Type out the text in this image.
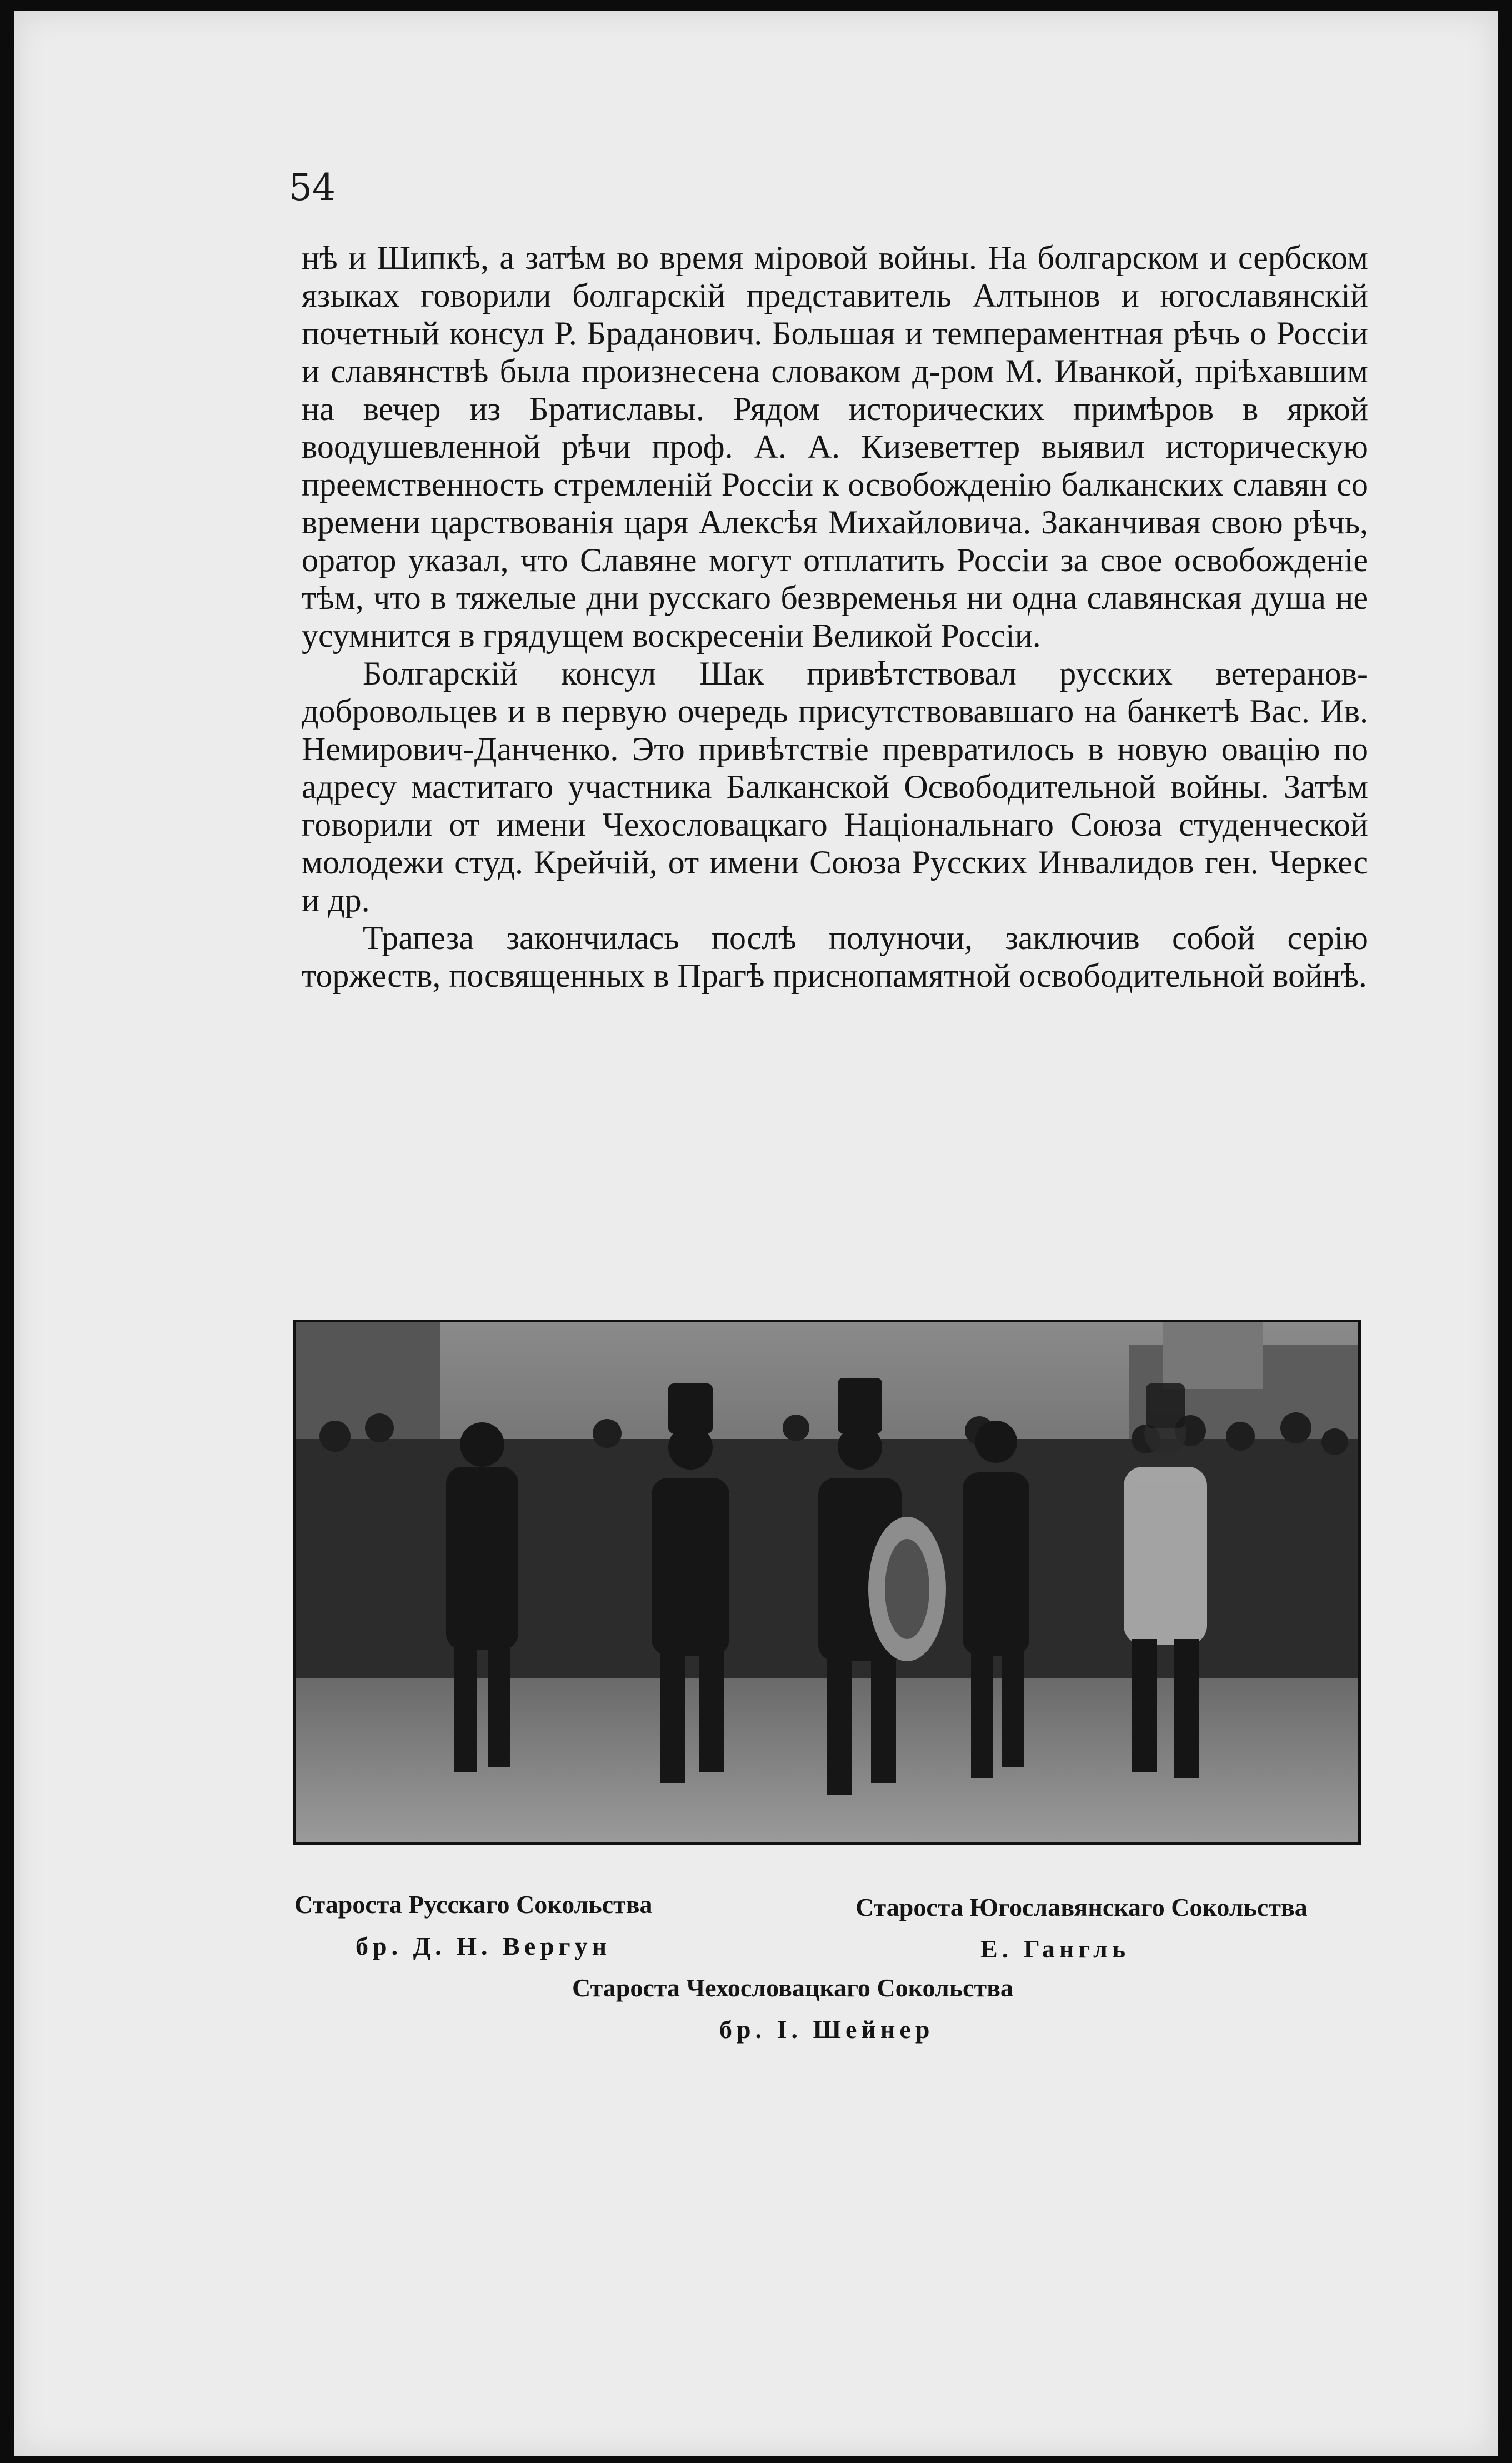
54

нѣ и Шипкѣ, а затѣм во время міровой войны. На болгарском и сербском языках говорили болгарскій представитель Алтынов и югославянскій почетный консул Р. Браданович. Большая и темпераментная рѣчь о Россіи и славянствѣ была произнесена словаком д-ром М. Иванкой, пріѣхавшим на вечер из Братиславы. Рядом исторических примѣров в яркой воодушевленной рѣчи проф. А. А. Кизеветтер выявил историческую преемственность стремленій Россіи к освобожденію балканских славян со времени царствованія царя Алексѣя Михайловича. Заканчивая свою рѣчь, оратор указал, что Славяне могут отплатить Россіи за свое освобожденіе тѣм, что в тяжелые дни русскаго безвременья ни одна славянская душа не усумнится в грядущем воскресеніи Великой Россіи.

Болгарскій консул Шак привѣтствовал русских ветеранов-добровольцев и в первую очередь присутствовавшаго на банкетѣ Вас. Ив. Немирович-Данченко. Это привѣтствіе превратилось в новую овацію по адресу маститаго участника Балканской Освободительной войны. Затѣм говорили от имени Чехословацкаго Національнаго Союза студенческой молодежи студ. Крейчій, от имени Союза Русских Инвалидов ген. Черкес и др.

Трапеза закончилась послѣ полуночи, заключив собой серію торжеств, посвященных в Прагѣ приснопамятной освободительной войнѣ.

Староста Русскаго Сокольства
бр. Д. Н. Вергун
Староста Югославянскаго Сокольства
Е. Гангль
Староста Чехословацкаго Сокольства
бр. I. Шейнер
